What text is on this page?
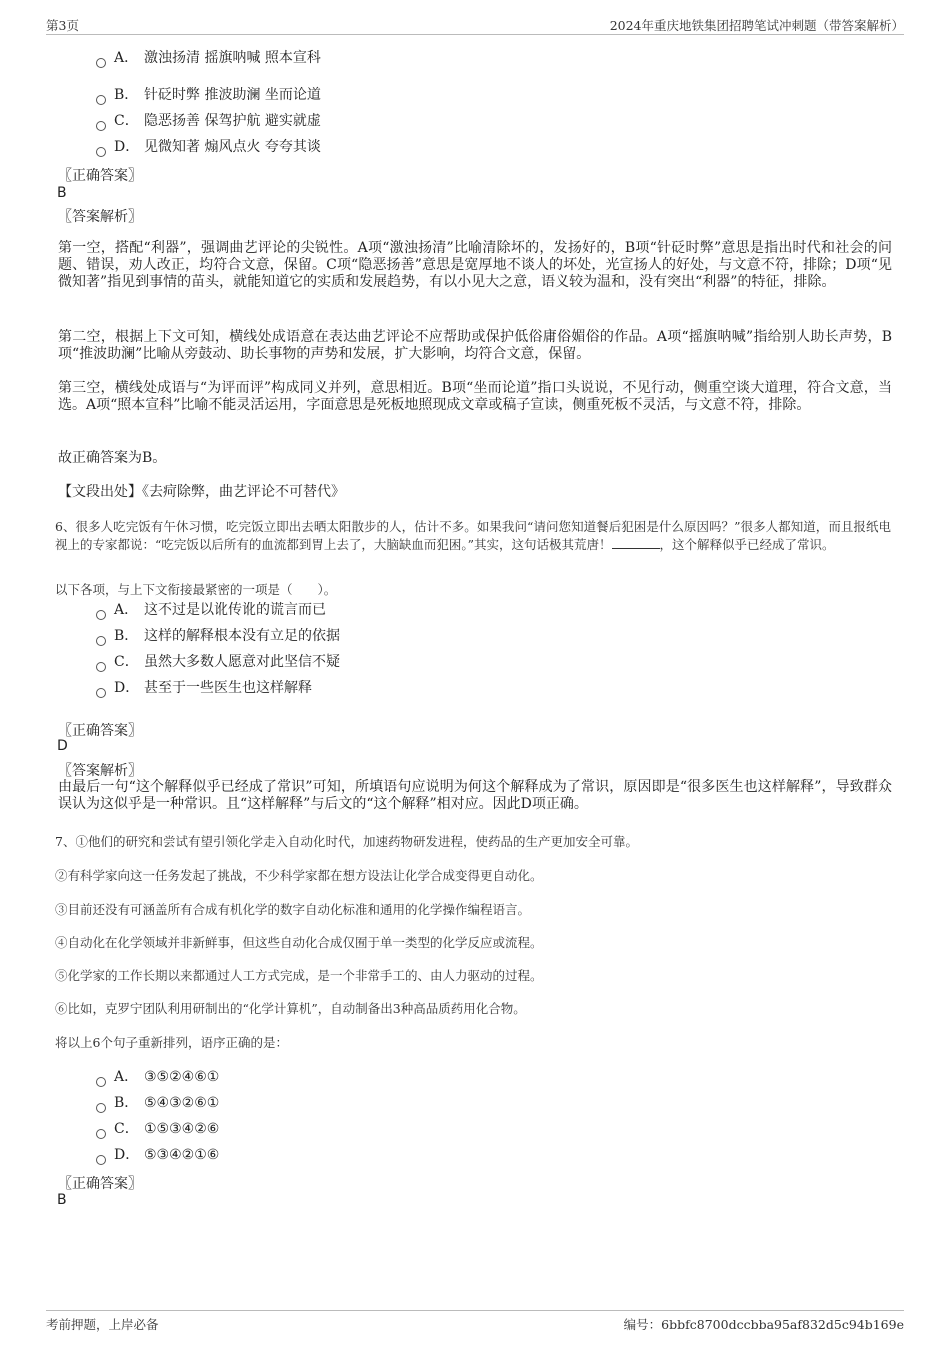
第3页	2024年重庆地铁集团招聘笔试冲刺题（带答案解析）
A． 激浊扬清 摇旗呐喊 照本宣科
B． 针砭时弊 推波助澜 坐而论道
C． 隐恶扬善 保驾护航 避实就虚
D． 见微知著 煽风点火 夸夸其谈
〖正确答案〗
B
〖答案解析〗
第一空，搭配“利器”，强调曲艺评论的尖锐性。A项“激浊扬清”比喻清除坏的，发扬好的，B项“针砭时弊”意思是指出时代和社会的问题、错误，劝人改正，均符合文意，保留。C项“隐恶扬善”意思是宽厚地不谈人的坏处，光宣扬人的好处，与文意不符，排除；D项“见微知著”指见到事情的苗头，就能知道它的实质和发展趋势，有以小见大之意，语义较为温和，没有突出“利器”的特征，排除。
第二空，根据上下文可知，横线处成语意在表达曲艺评论不应帮助或保护低俗庸俗媚俗的作品。A项“摇旗呐喊”指给别人助长声势，B项“推波助澜”比喻从旁鼓动、助长事物的声势和发展，扩大影响，均符合文意，保留。
第三空，横线处成语与“为评而评”构成同义并列，意思相近。B项“坐而论道”指口头说说，不见行动，侧重空谈大道理，符合文意，当选。A项“照本宣科”比喻不能灵活运用，字面意思是死板地照现成文章或稿子宣读，侧重死板不灵活，与文意不符，排除。
故正确答案为B。
【文段出处】《去疴除弊，曲艺评论不可替代》
6、很多人吃完饭有午休习惯，吃完饭立即出去晒太阳散步的人，估计不多。如果我问“请问您知道餐后犯困是什么原因吗？”很多人都知道，而且报纸电视上的专家都说：“吃完饭以后所有的血流都到胃上去了，大脑缺血而犯困。”其实，这句话极其荒唐！	，这个解释似乎已经成了常识。
以下各项，与上下文衔接最紧密的一项是（　　）。
A． 这不过是以讹传讹的谎言而已
B． 这样的解释根本没有立足的依据
C． 虽然大多数人愿意对此坚信不疑
D． 甚至于一些医生也这样解释
〖正确答案〗
D
〖答案解析〗
由最后一句“这个解释似乎已经成了常识”可知，所填语句应说明为何这个解释成为了常识，原因即是“很多医生也这样解释”，导致群众误认为这似乎是一种常识。且“这样解释”与后文的“这个解释”相对应。因此D项正确。
7、①他们的研究和尝试有望引领化学走入自动化时代，加速药物研发进程，使药品的生产更加安全可靠。
②有科学家向这一任务发起了挑战，不少科学家都在想方设法让化学合成变得更自动化。
③目前还没有可涵盖所有合成有机化学的数字自动化标准和通用的化学操作编程语言。
④自动化在化学领域并非新鲜事，但这些自动化合成仅囿于单一类型的化学反应或流程。
⑤化学家的工作长期以来都通过人工方式完成，是一个非常手工的、由人力驱动的过程。
⑥比如，克罗宁团队利用研制出的“化学计算机”，自动制备出3种高品质药用化合物。
将以上6个句子重新排列，语序正确的是：
A． ③⑤②④⑥①
B． ⑤④③②⑥①
C． ①⑤③④②⑥
D． ⑤③④②①⑥
〖正确答案〗
B
考前押题，上岸必备	编号：6bbfc8700dccbba95af832d5c94b169e
